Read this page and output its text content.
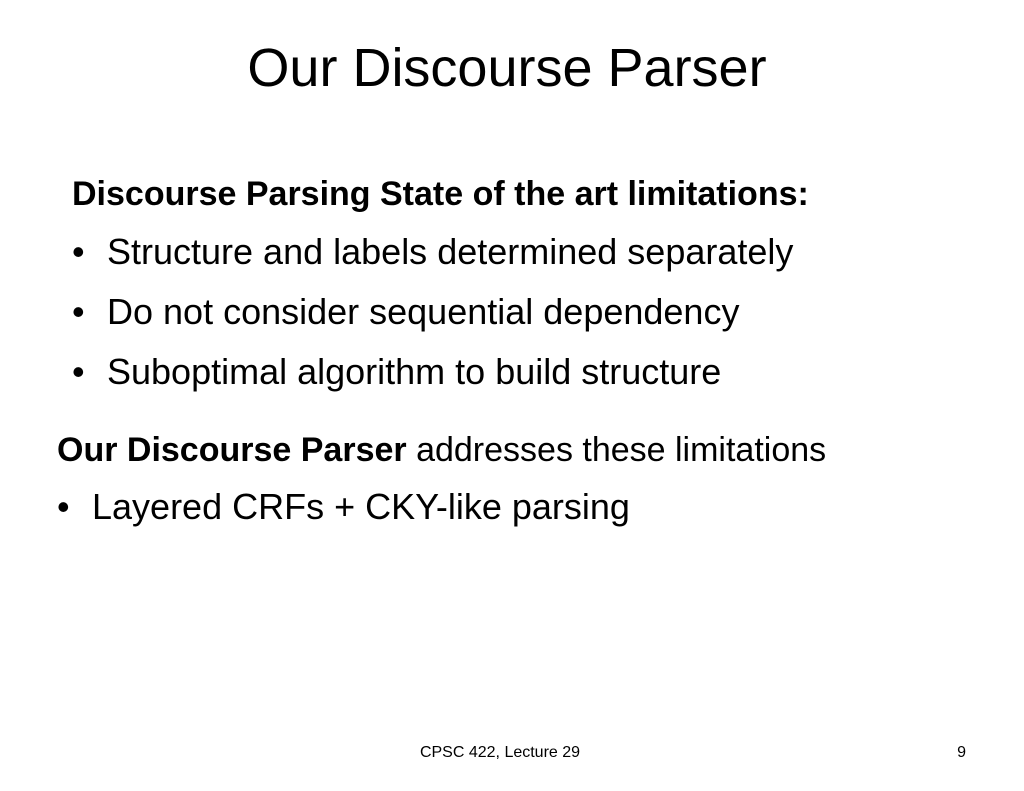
Our Discourse Parser
Discourse Parsing State of the art limitations:
• Structure and labels determined separately
• Do not consider sequential dependency
• Suboptimal algorithm to build structure
Our Discourse Parser addresses these limitations
• Layered CRFs + CKY-like parsing
CPSC 422, Lecture 29	9
